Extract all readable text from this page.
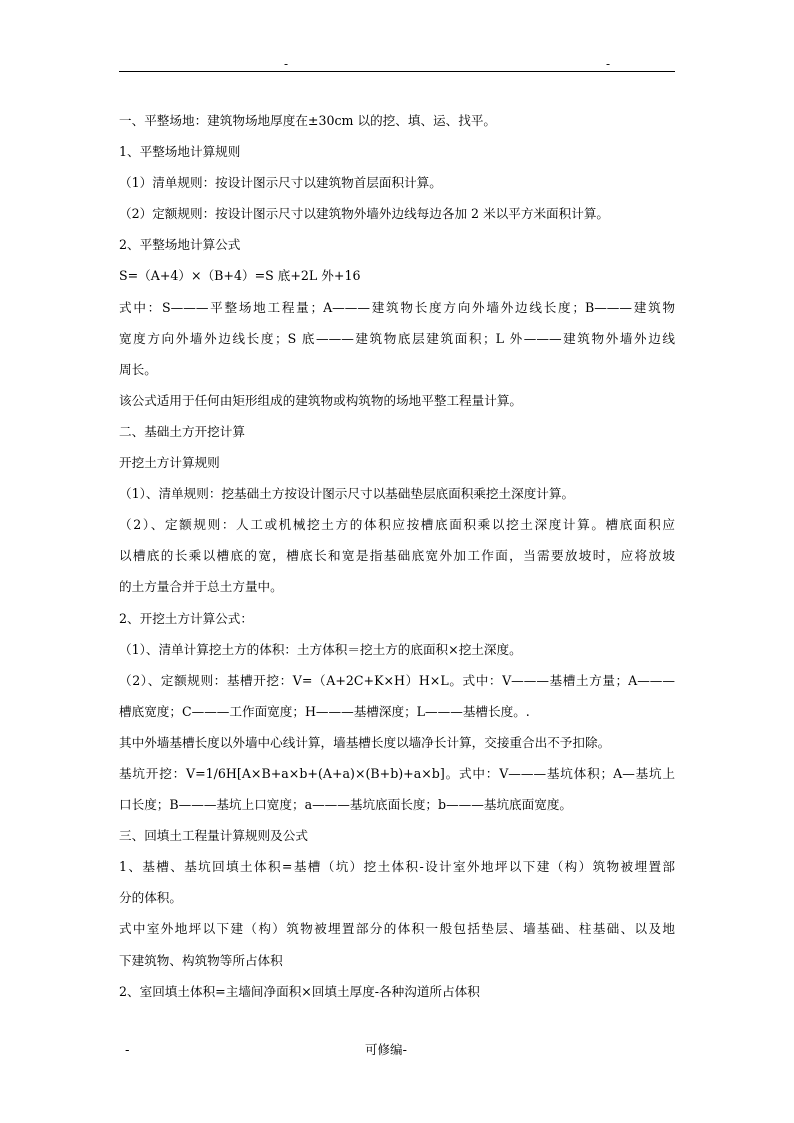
-	-
一、平整场地：建筑物场地厚度在±30cm 以的挖、填、运、找平。
1、平整场地计算规则
（1）清单规则：按设计图示尺寸以建筑物首层面积计算。
（2）定额规则：按设计图示尺寸以建筑物外墙外边线每边各加 2 米以平方米面积计算。
2、平整场地计算公式
S=（A+4）×（B+4）=S 底+2L 外+16
式中：S———平整场地工程量；A———建筑物长度方向外墙外边线长度；B———建筑物
宽度方向外墙外边线长度；S 底———建筑物底层建筑面积；L 外———建筑物外墙外边线
周长。
该公式适用于任何由矩形组成的建筑物或构筑物的场地平整工程量计算。
二、基础土方开挖计算
开挖土方计算规则
（1）、清单规则：挖基础土方按设计图示尺寸以基础垫层底面积乘挖土深度计算。
（2）、定额规则：人工或机械挖土方的体积应按槽底面积乘以挖土深度计算。槽底面积应
以槽底的长乘以槽底的宽，槽底长和宽是指基础底宽外加工作面，当需要放坡时，应将放坡
的土方量合并于总土方量中。
2、开挖土方计算公式：
（1）、清单计算挖土方的体积：土方体积＝挖土方的底面积×挖土深度。
（2）、定额规则：基槽开挖：V=（A+2C+K×H）H×L。式中：V———基槽土方量；A———
槽底宽度；C———工作面宽度；H———基槽深度；L———基槽长度。.
其中外墙基槽长度以外墙中心线计算，墙基槽长度以墙净长计算，交接重合出不予扣除。
基坑开挖：V=1/6H[A×B+a×b+(A+a)×(B+b)+a×b]。式中：V———基坑体积；A—基坑上
口长度；B———基坑上口宽度；a———基坑底面长度；b———基坑底面宽度。
三、回填土工程量计算规则及公式
1、基槽、基坑回填土体积=基槽（坑）挖土体积-设计室外地坪以下建（构）筑物被埋置部
分的体积。
式中室外地坪以下建（构）筑物被埋置部分的体积一般包括垫层、墙基础、柱基础、以及地
下建筑物、构筑物等所占体积
2、室回填土体积=主墙间净面积×回填土厚度-各种沟道所占体积
-	可修编-
